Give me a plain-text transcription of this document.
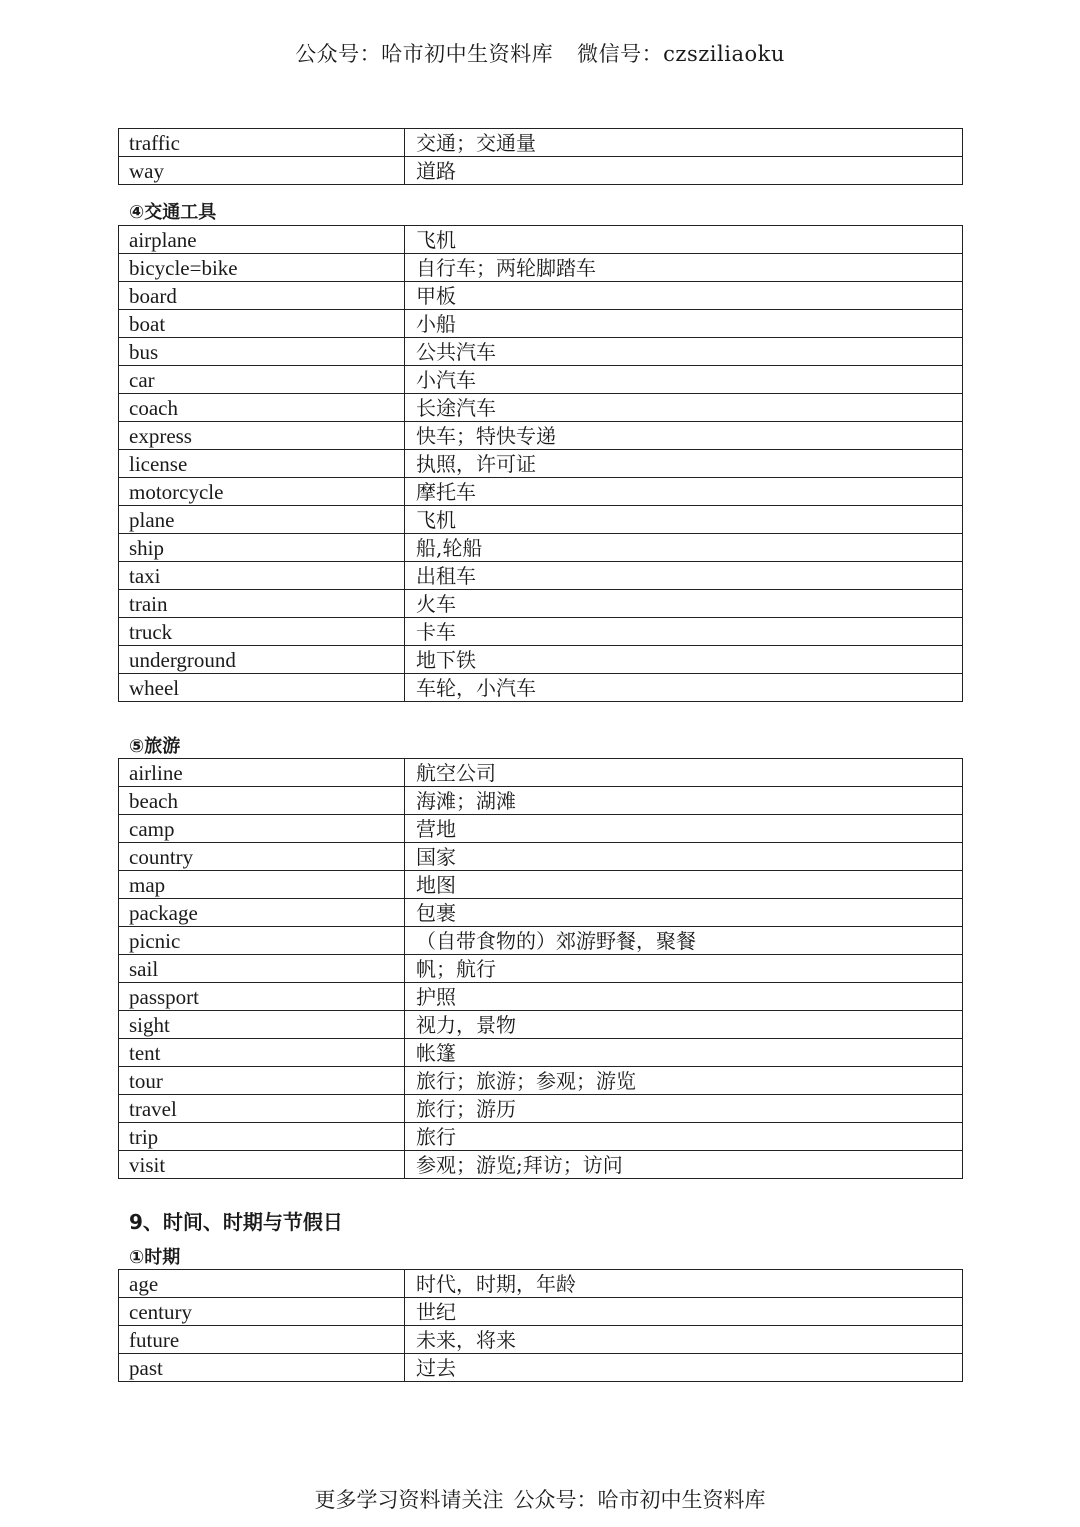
公众号：哈市初中生资料库 微信号：czsziliaoku
traffic	交通；交通量
way	道路
④交通工具
airplane	飞机
bicycle=bike	自行车；两轮脚踏车
board	甲板
boat	小船
bus	公共汽车
car	小汽车
coach	长途汽车
express	快车；特快专递
license	执照，许可证
motorcycle	摩托车
plane	飞机
ship	船,轮船
taxi	出租车
train	火车
truck	卡车
underground	地下铁
wheel	车轮，小汽车
⑤旅游
airline	航空公司
beach	海滩；湖滩
camp	营地
country	国家
map	地图
package	包裹
picnic	（自带食物的）郊游野餐，聚餐
sail	帆；航行
passport	护照
sight	视力，景物
tent	帐篷
tour	旅行；旅游；参观；游览
travel	旅行；游历
trip	旅行
visit	参观；游览;拜访；访问
9、时间、时期与节假日
①时期
age	时代，时期，年龄
century	世纪
future	未来，将来
past	过去
更多学习资料请关注 公众号：哈市初中生资料库
